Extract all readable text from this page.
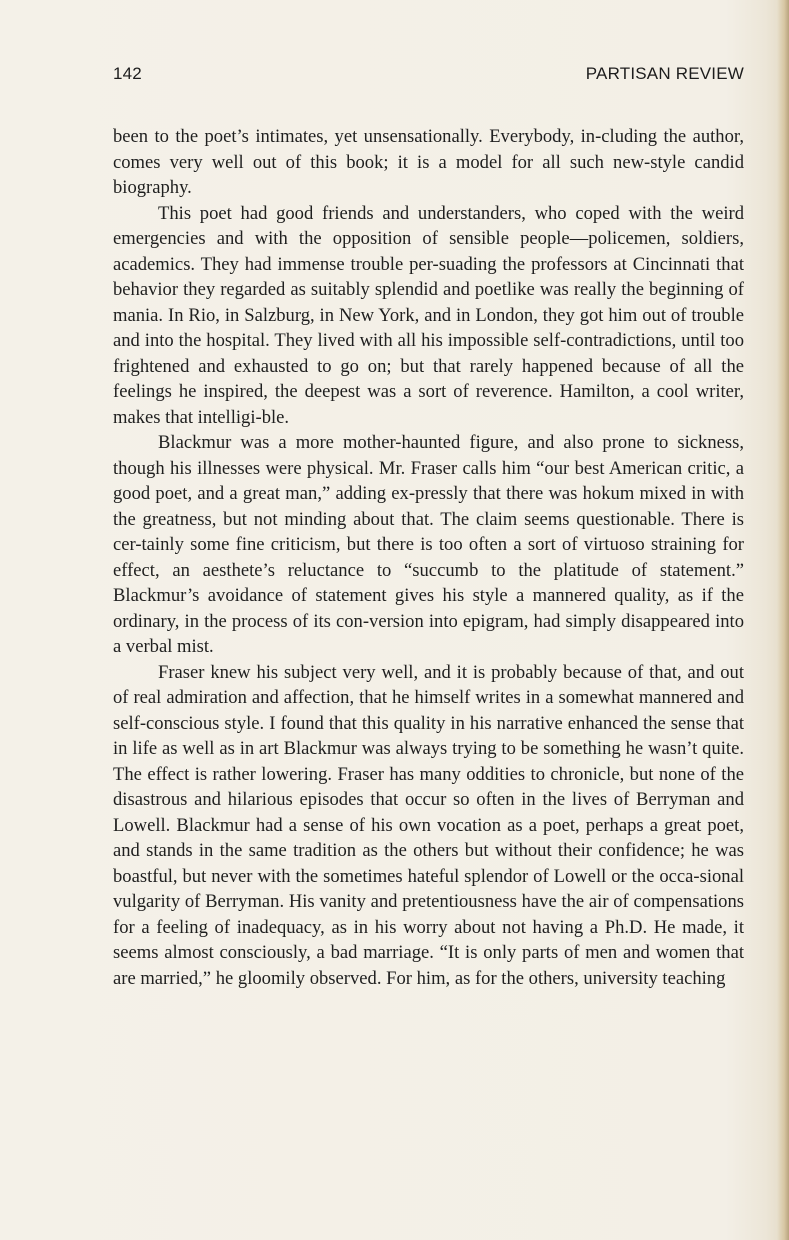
142	PARTISAN REVIEW

been to the poet’s intimates, yet unsensationally. Everybody, in-cluding the author, comes very well out of this book; it is a model for all such new-style candid biography.

This poet had good friends and understanders, who coped with the weird emergencies and with the opposition of sensible people—policemen, soldiers, academics. They had immense trouble per-suading the professors at Cincinnati that behavior they regarded as suitably splendid and poetlike was really the beginning of mania. In Rio, in Salzburg, in New York, and in London, they got him out of trouble and into the hospital. They lived with all his impossible self-contradictions, until too frightened and exhausted to go on; but that rarely happened because of all the feelings he inspired, the deepest was a sort of reverence. Hamilton, a cool writer, makes that intelligi-ble.

Blackmur was a more mother-haunted figure, and also prone to sickness, though his illnesses were physical. Mr. Fraser calls him “our best American critic, a good poet, and a great man,” adding ex-pressly that there was hokum mixed in with the greatness, but not minding about that. The claim seems questionable. There is cer-tainly some fine criticism, but there is too often a sort of virtuoso straining for effect, an aesthete’s reluctance to “succumb to the platitude of statement.” Blackmur’s avoidance of statement gives his style a mannered quality, as if the ordinary, in the process of its con-version into epigram, had simply disappeared into a verbal mist.

Fraser knew his subject very well, and it is probably because of that, and out of real admiration and affection, that he himself writes in a somewhat mannered and self-conscious style. I found that this quality in his narrative enhanced the sense that in life as well as in art Blackmur was always trying to be something he wasn’t quite. The effect is rather lowering. Fraser has many oddities to chronicle, but none of the disastrous and hilarious episodes that occur so often in the lives of Berryman and Lowell. Blackmur had a sense of his own vocation as a poet, perhaps a great poet, and stands in the same tradition as the others but without their confidence; he was boastful, but never with the sometimes hateful splendor of Lowell or the occa-sional vulgarity of Berryman. His vanity and pretentiousness have the air of compensations for a feeling of inadequacy, as in his worry about not having a Ph.D. He made, it seems almost consciously, a bad marriage. “It is only parts of men and women that are married,” he gloomily observed. For him, as for the others, university teaching
